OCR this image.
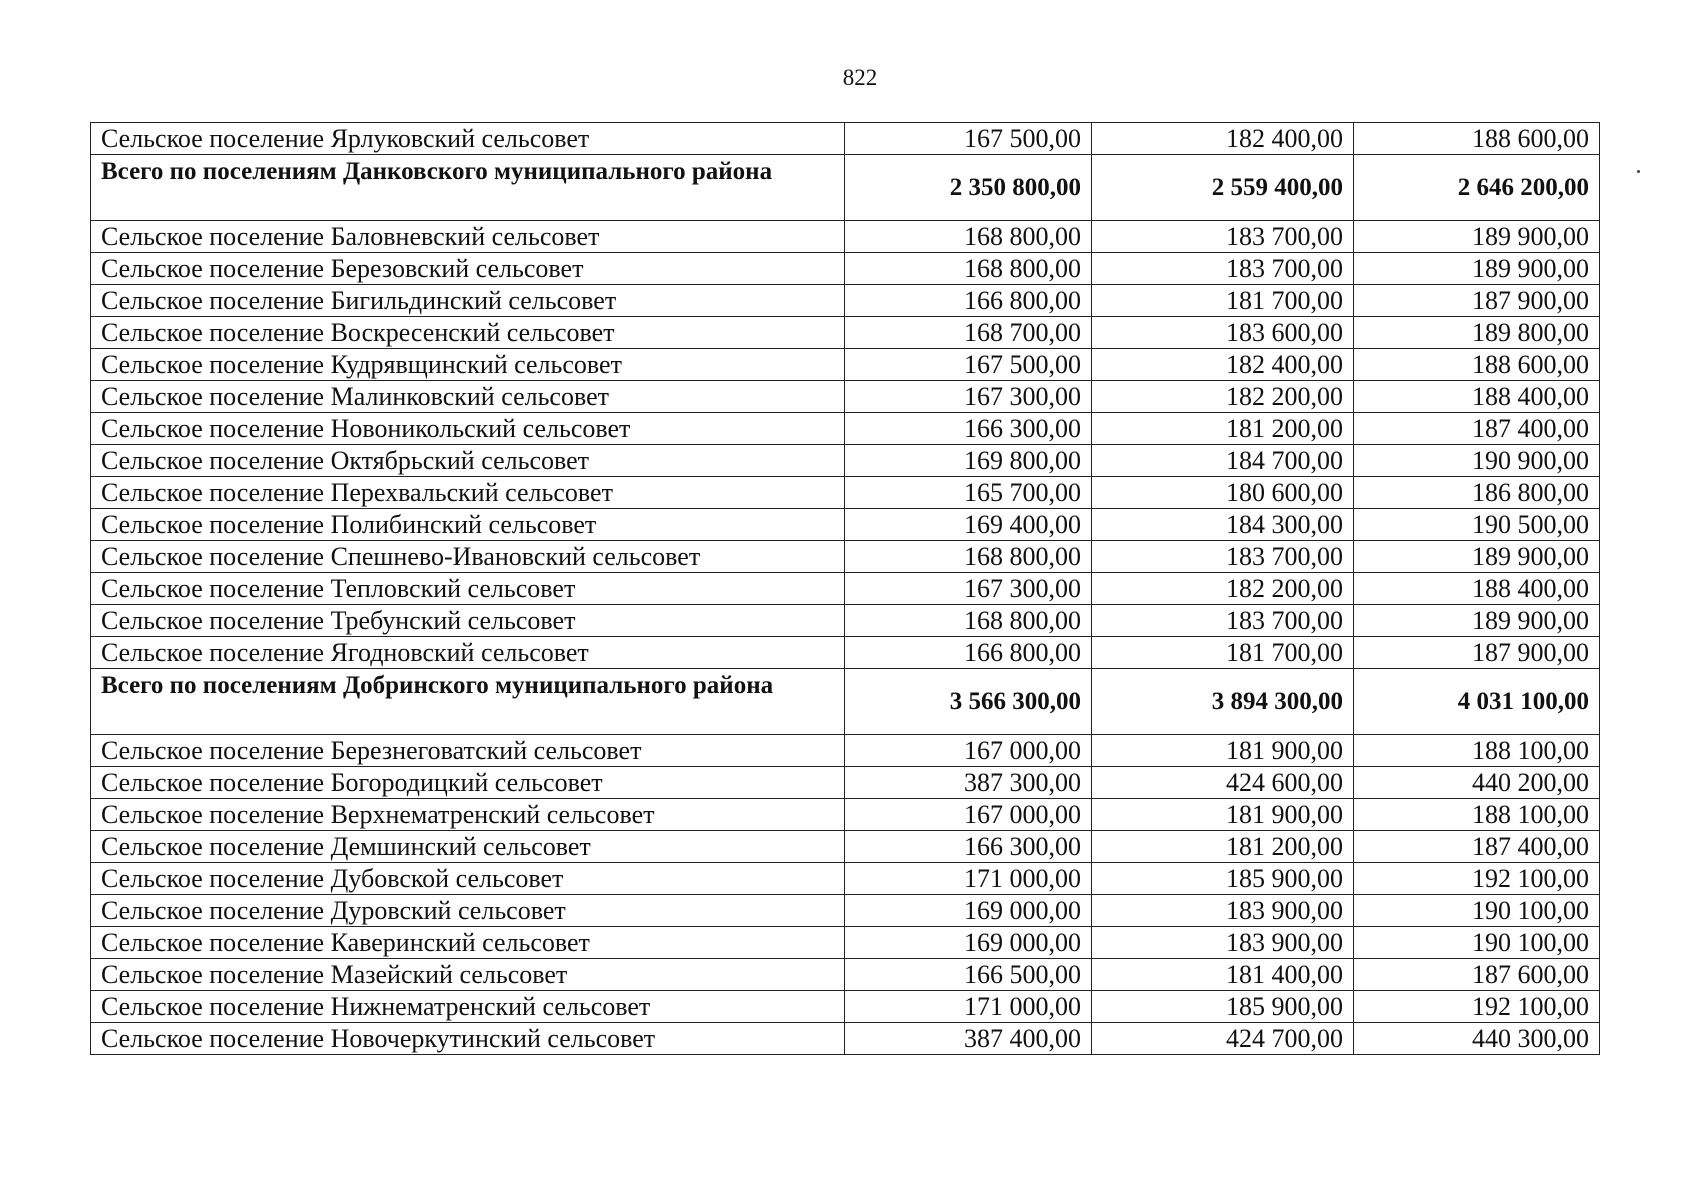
822
Сельское поселение Ярлуковский сельсовет	167 500,00	182 400,00	188 600,00
Всего по поселениям Данковского муниципального района	2 350 800,00	2 559 400,00	2 646 200,00
Сельское поселение Баловневский сельсовет	168 800,00	183 700,00	189 900,00
Сельское поселение Березовский сельсовет	168 800,00	183 700,00	189 900,00
Сельское поселение Бигильдинский сельсовет	166 800,00	181 700,00	187 900,00
Сельское поселение Воскресенский сельсовет	168 700,00	183 600,00	189 800,00
Сельское поселение Кудрявщинский сельсовет	167 500,00	182 400,00	188 600,00
Сельское поселение Малинковский сельсовет	167 300,00	182 200,00	188 400,00
Сельское поселение Новоникольский сельсовет	166 300,00	181 200,00	187 400,00
Сельское поселение Октябрьский сельсовет	169 800,00	184 700,00	190 900,00
Сельское поселение Перехвальский сельсовет	165 700,00	180 600,00	186 800,00
Сельское поселение Полибинский сельсовет	169 400,00	184 300,00	190 500,00
Сельское поселение Спешнево-Ивановский сельсовет	168 800,00	183 700,00	189 900,00
Сельское поселение Тепловский сельсовет	167 300,00	182 200,00	188 400,00
Сельское поселение Требунский сельсовет	168 800,00	183 700,00	189 900,00
Сельское поселение Ягодновский сельсовет	166 800,00	181 700,00	187 900,00
Всего по поселениям Добринского муниципального района	3 566 300,00	3 894 300,00	4 031 100,00
Сельское поселение Березнеговатский сельсовет	167 000,00	181 900,00	188 100,00
Сельское поселение Богородицкий сельсовет	387 300,00	424 600,00	440 200,00
Сельское поселение Верхнематренский сельсовет	167 000,00	181 900,00	188 100,00
Сельское поселение Демшинский сельсовет	166 300,00	181 200,00	187 400,00
Сельское поселение Дубовской сельсовет	171 000,00	185 900,00	192 100,00
Сельское поселение Дуровский сельсовет	169 000,00	183 900,00	190 100,00
Сельское поселение Каверинский сельсовет	169 000,00	183 900,00	190 100,00
Сельское поселение Мазейский сельсовет	166 500,00	181 400,00	187 600,00
Сельское поселение Нижнематренский сельсовет	171 000,00	185 900,00	192 100,00
Сельское поселение Новочеркутинский сельсовет	387 400,00	424 700,00	440 300,00
